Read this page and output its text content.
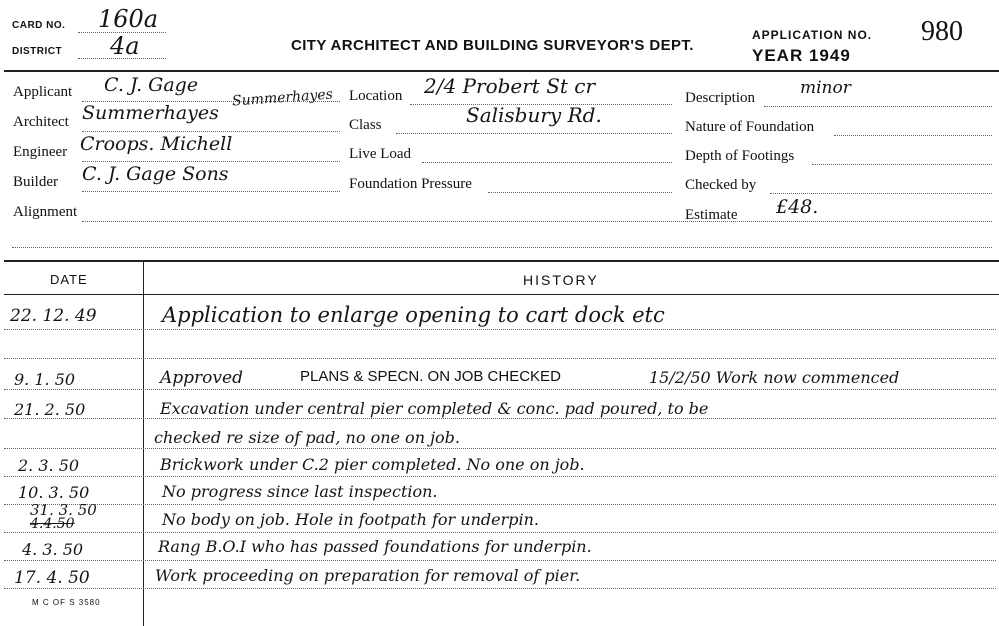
CARD NO. 160a
DISTRICT 4a	CITY ARCHITECT AND BUILDING SURVEYOR'S DEPT.
APPLICATION NO. 980
YEAR 1949
Applicant C. J. Gage
Summerhayes
Architect Summerhayes
Engineer Croops. Michell
Builder C. J. Gage Sons
Alignment
Location 2/4 Probert St cr
Class	Salisbury Rd.
Live Load
Foundation Pressure
Description	minor
Nature of Foundation
Depth of Footings
Checked by
Estimate £48.
DATE	HISTORY
22. 12. 49	Application to enlarge opening to cart dock etc
9. 1. 50	Approved	PLANS & SPECN. ON JOB CHECKED	15/2/50 Work now commenced
21. 2. 50	Excavation under central pier completed & conc. pad poured, to be
checked re size of pad, no one on job.
2. 3. 50	Brickwork under C.2 pier completed. No one on job.
10. 3. 50	No progress since last inspection.
31. 3. 50
4.4.50	No body on job. Hole in footpath for underpin.
4. 3. 50	Rang B.O.I who has passed foundations for underpin.
17. 4. 50	Work proceeding on preparation for removal of pier.
M C OF S 3580
